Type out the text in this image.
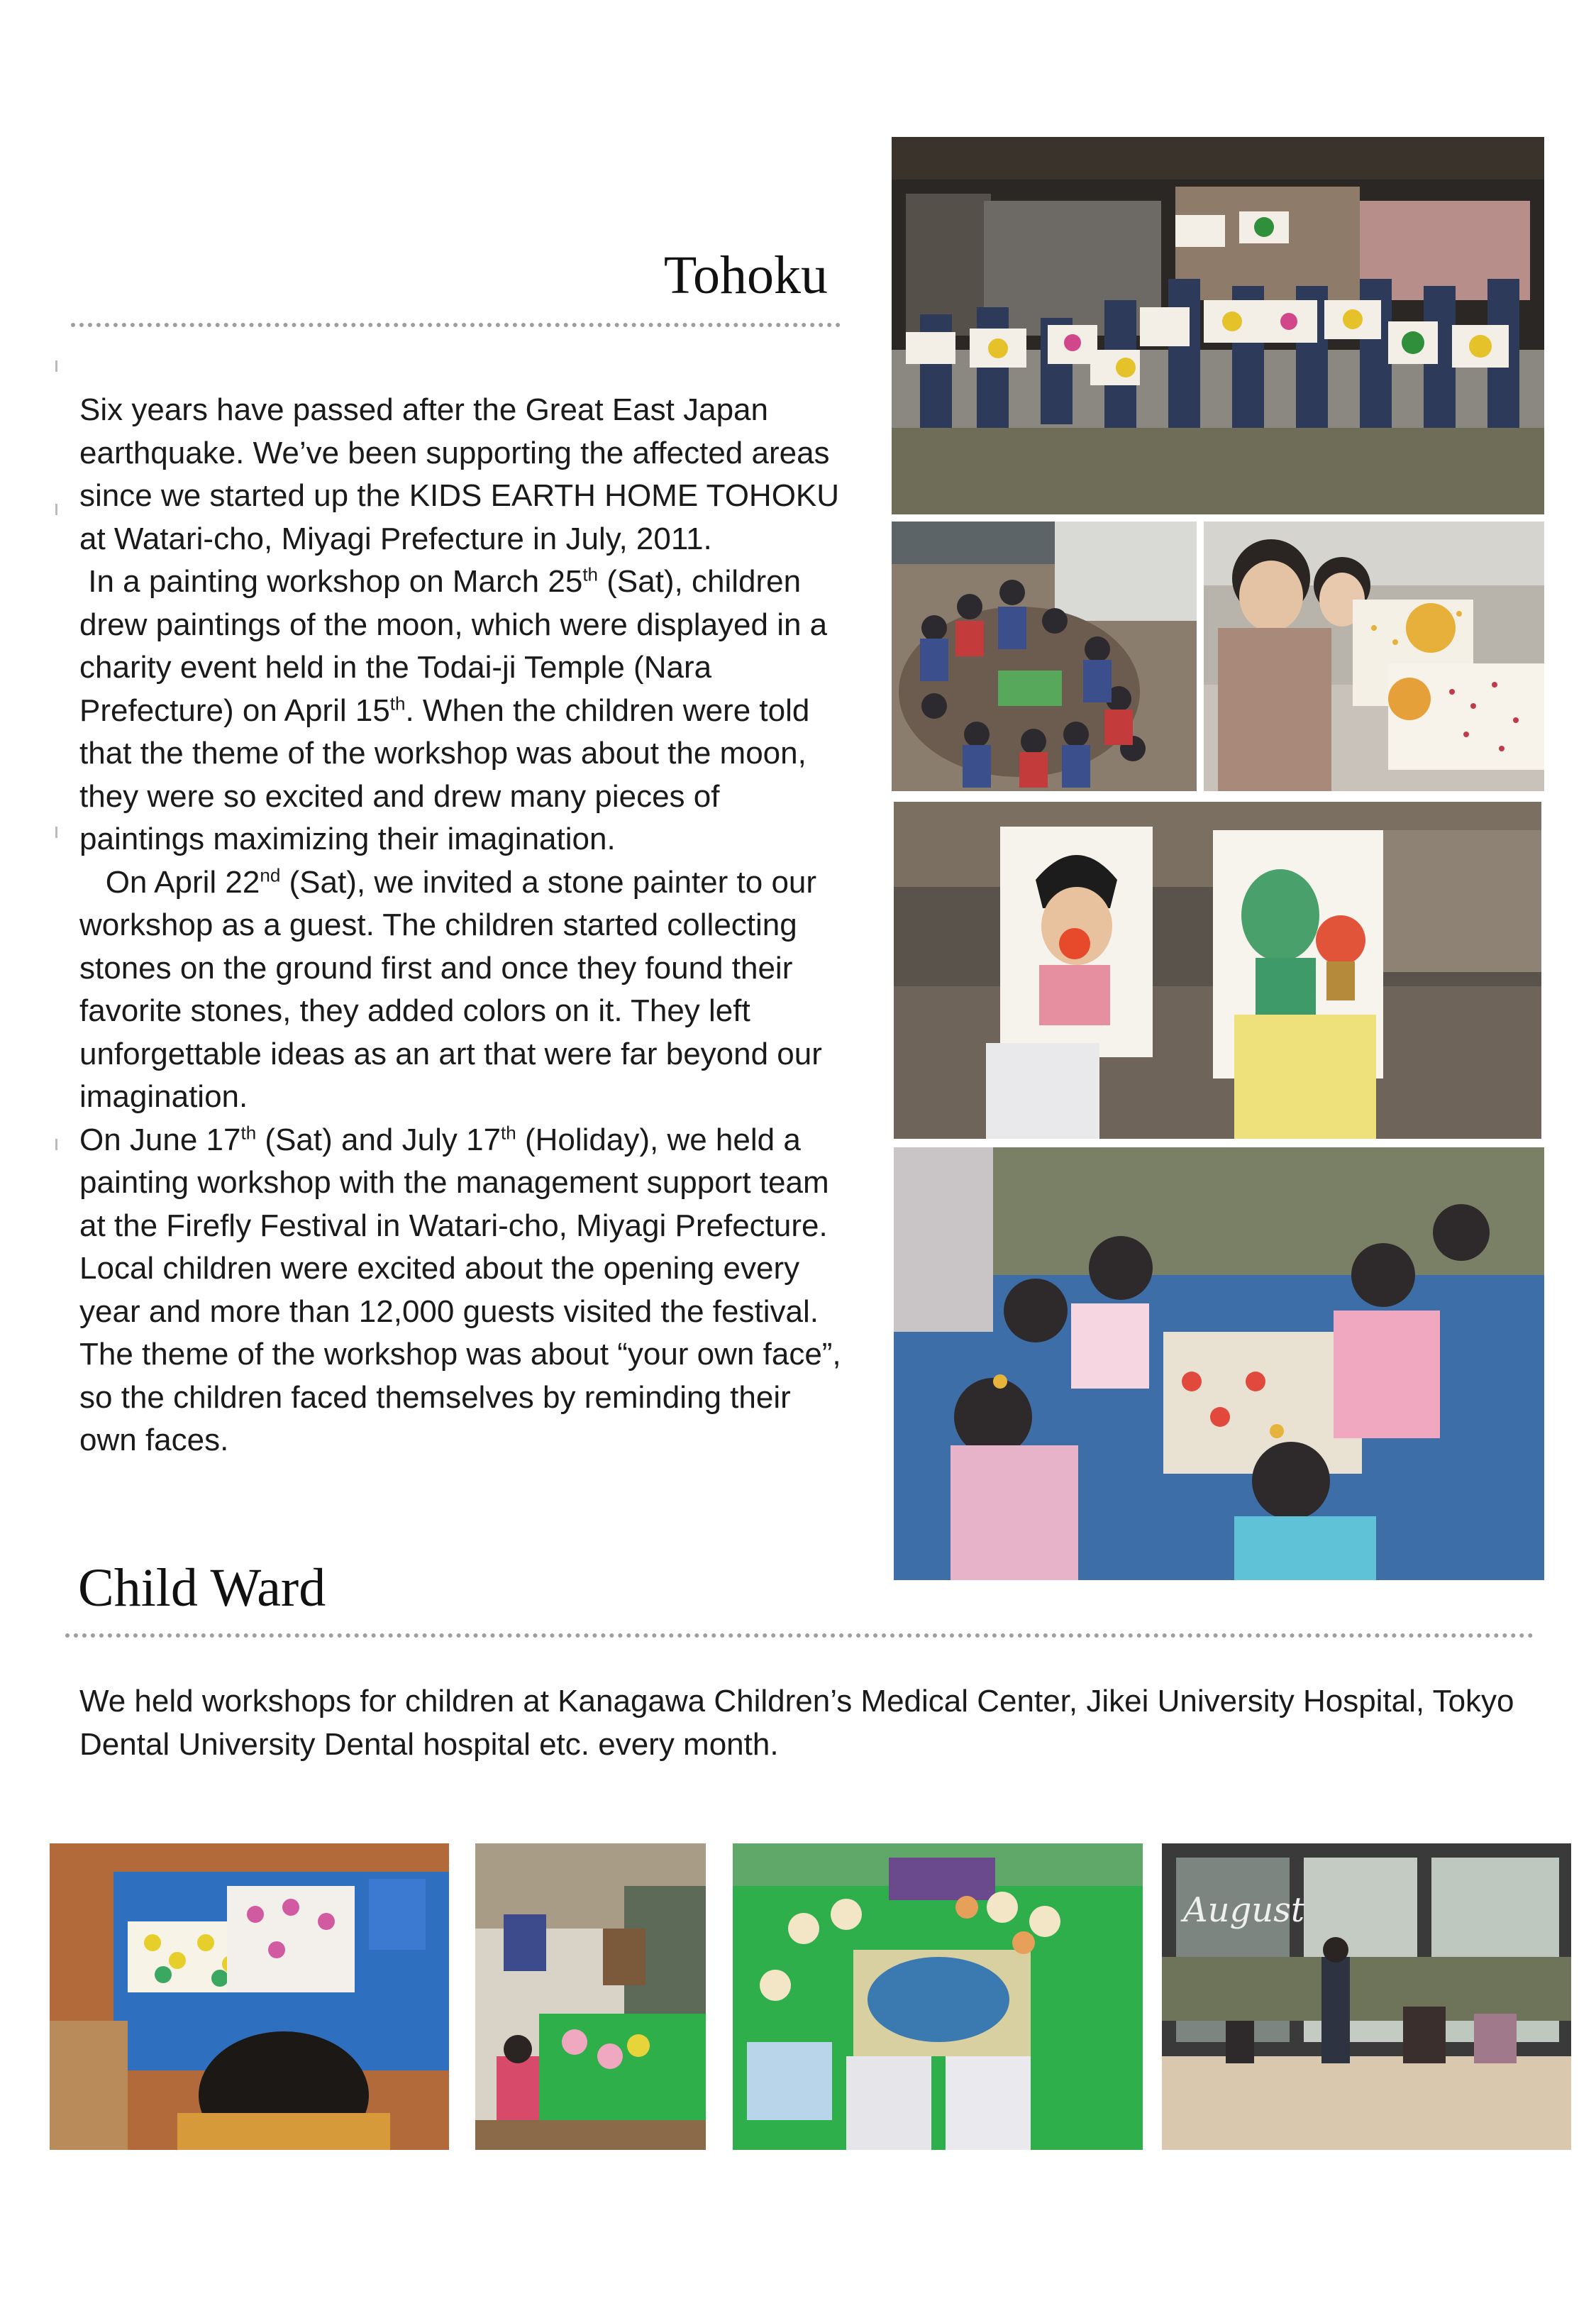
Tohoku

Six years have passed after the Great East Japan earthquake. We’ve been supporting the affected areas since we started up the KIDS EARTH HOME TOHOKU at Watari-cho, Miyagi Prefecture in July, 2011.

In a painting workshop on March 25th (Sat), children drew paintings of the moon, which were displayed in a charity event held in the Todai-ji Temple (Nara Prefecture) on April 15th. When the children were told that the theme of the workshop was about the moon, they were so excited and drew many pieces of paintings maximizing their imagination.

On April 22nd (Sat), we invited a stone painter to our workshop as a guest. The children started collecting stones on the ground first and once they found their favorite stones, they added colors on it. They left unforgettable ideas as an art that were far beyond our imagination.

On June 17th (Sat) and July 17th (Holiday), we held a painting workshop with the management support team at the Firefly Festival in Watari-cho, Miyagi Prefecture. Local children were excited about the opening every year and more than 12,000 guests visited the festival. The theme of the workshop was about “your own face”, so the children faced themselves by reminding their own faces.

Child Ward

We held workshops for children at Kanagawa Children’s Medical Center, Jikei University Hospital, Tokyo Dental University Dental hospital etc. every month.

August
